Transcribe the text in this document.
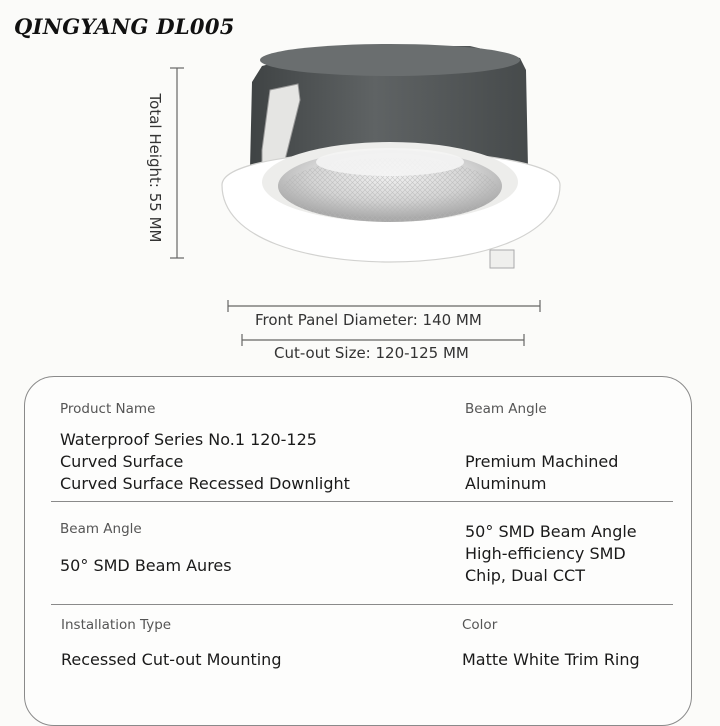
QINGYANG DL005
Total Height: 55 MM
Front Panel Diameter: 140 MM
Cut-out Size: 120-125 MM
Product Name
Waterproof Series No.1 120-125
Curved Surface
Curved Surface Recessed Downlight
Beam Angle
Premium Machined
Aluminum
Beam Angle
50° SMD Beam Aures
50° SMD Beam Angle
High-efficiency SMD
Chip, Dual CCT
Installation Type
Recessed Cut-out Mounting
Color
Matte White Trim Ring
